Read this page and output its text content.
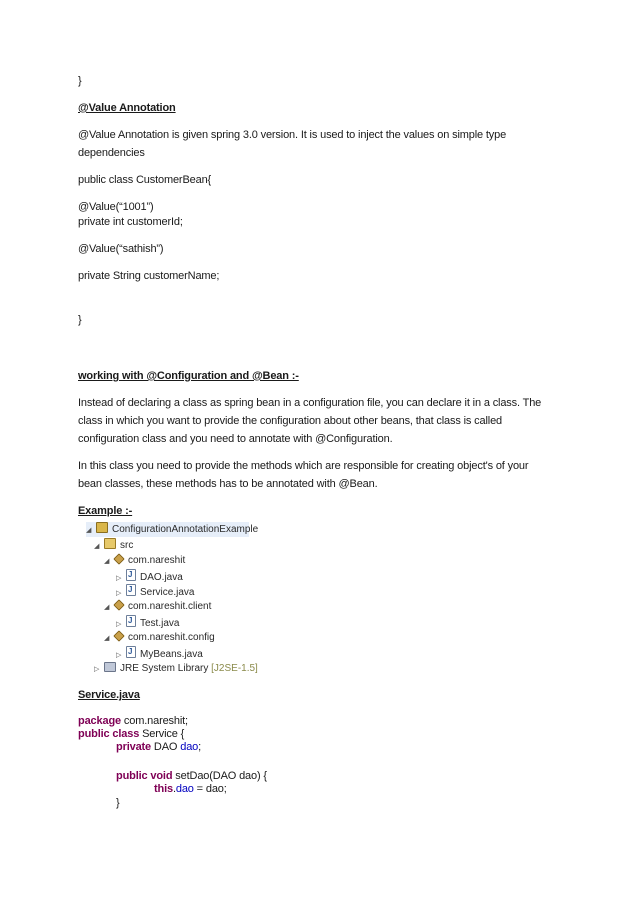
}
@Value Annotation
@Value Annotation is given spring 3.0 version. It is used to inject the values on simple type
dependencies
public class CustomerBean{
@Value(“1001”)
private int customerId;
@Value(“sathish”)
private String customerName;
}
working with @Configuration and @Bean :-
Instead of declaring a class as spring bean in a configuration file, you can declare it in a class. The
class in which you want to provide the configuration about other beans, that class is called
configuration class and you need to annotate with @Configuration.
In this class you need to provide the methods which are responsible for creating object's of your
bean classes, these methods has to be annotated with @Bean.
Example :-
◢ ConfigurationAnnotationExample
◢ src
◢ com.nareshit
▷ J DAO.java
▷ J Service.java
◢ com.nareshit.client
▷ J Test.java
◢ com.nareshit.config
▷ J MyBeans.java
▷ JRE System Library [J2SE-1.5]
Service.java
package com.nareshit;
public class Service {
private DAO dao;
public void setDao(DAO dao) {
this.dao = dao;
}
